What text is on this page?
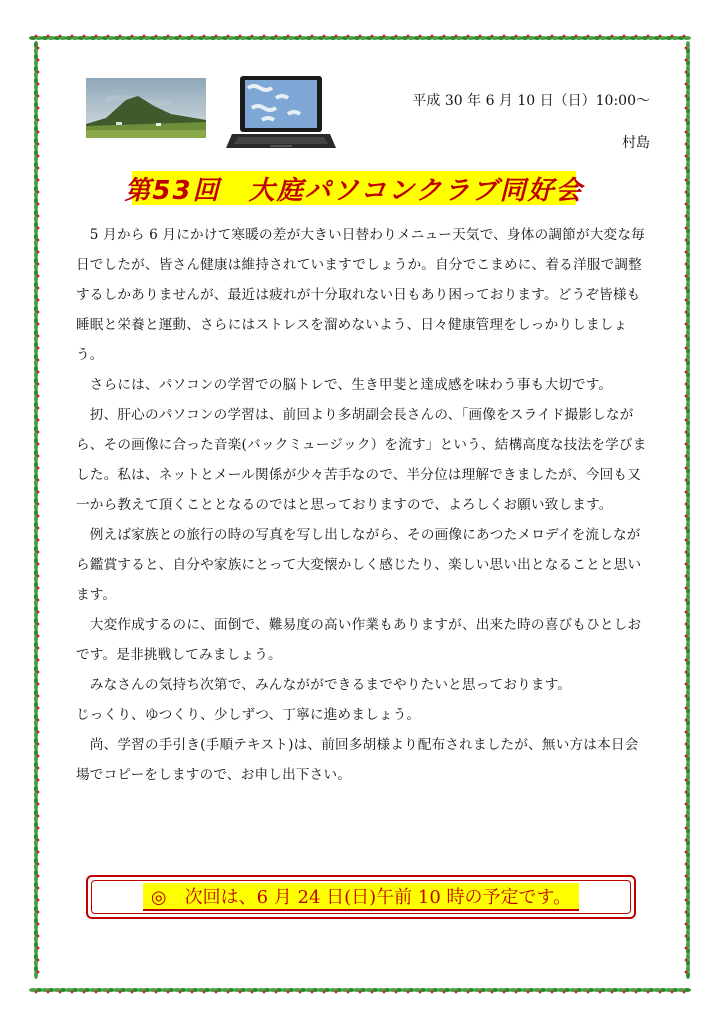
平成 30 年 6 月 10 日（日）10:00～
村島
第53回　大庭パソコンクラブ同好会

　5 月から 6 月にかけて寒暖の差が大きい日替わりメニュー天気で、身体の調節が大変な毎

日でしたが、皆さん健康は維持されていますでしょうか。自分でこまめに、着る洋服で調整

するしかありませんが、最近は疲れが十分取れない日もあり困っております。どうぞ皆様も

睡眠と栄養と運動、さらにはストレスを溜めないよう、日々健康管理をしっかりしましょう。

　さらには、パソコンの学習での脳トレで、生き甲斐と達成感を味わう事も大切です。

　扨、肝心のパソコンの学習は、前回より多胡副会長さんの、「画像をスライド撮影しなが

ら、その画像に合った音楽(バックミュージック）を流す」という、結構高度な技法を学びま

した。私は、ネットとメール関係が少々苦手なので、半分位は理解できましたが、今回も又

一から教えて頂くこととなるのではと思っておりますので、よろしくお願い致します。

　例えば家族との旅行の時の写真を写し出しながら、その画像にあつたメロデイを流しなが

ら鑑賞すると、自分や家族にとって大変懐かしく感じたり、楽しい思い出となることと思い

ます。

　大変作成するのに、面倒で、難易度の高い作業もありますが、出来た時の喜びもひとしお

です。是非挑戦してみましょう。

　みなさんの気持ち次第で、みんながができるまでやりたいと思っております。

じっくり、ゆつくり、少しずつ、丁寧に進めましょう。

　尚、学習の手引き(手順テキスト)は、前回多胡様より配布されましたが、無い方は本日会

場でコピーをしますので、お申し出下さい。

◎　次回は、6 月 24 日(日)午前 10 時の予定です。
